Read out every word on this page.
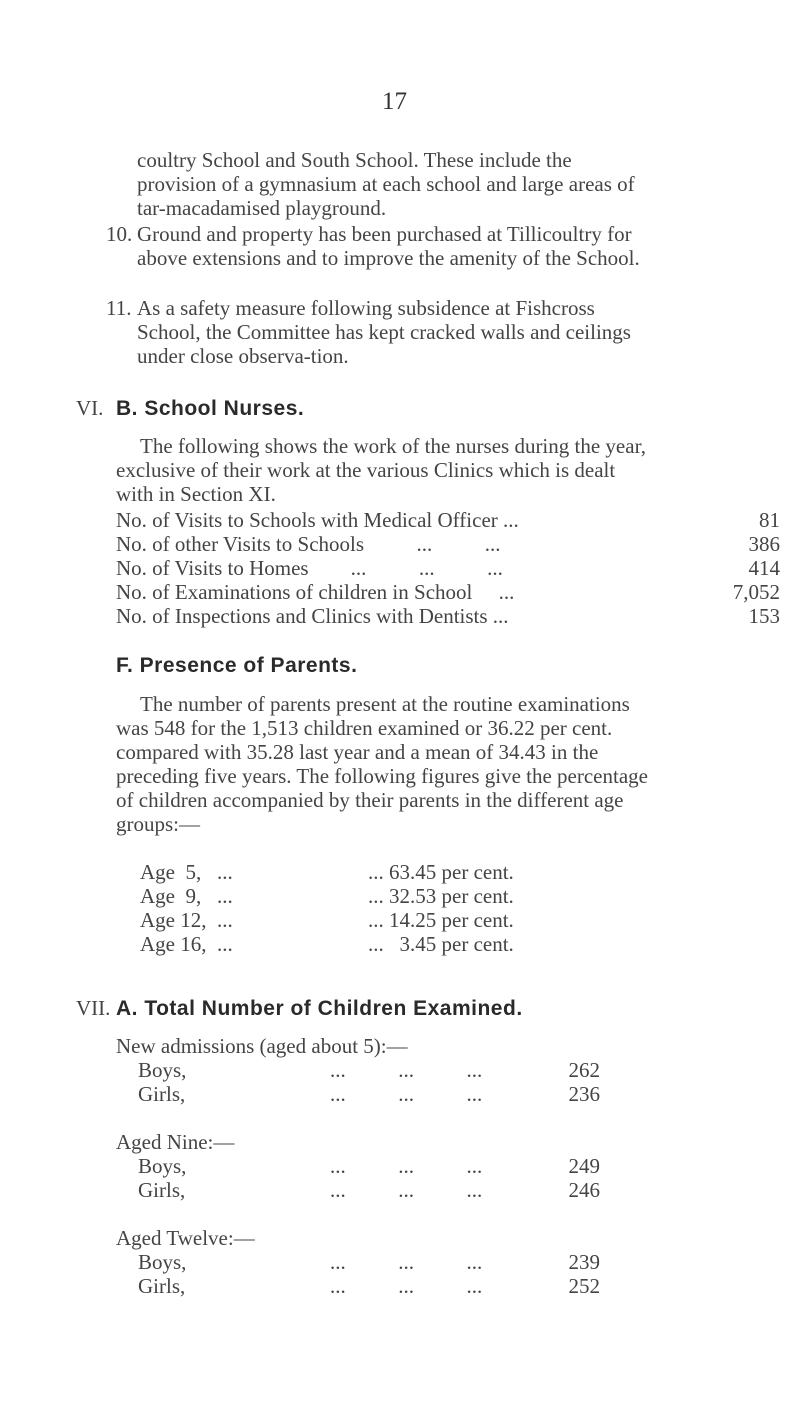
17

coultry School and South School. These include the provision of a gymnasium at each school and large areas of tar-macadamised playground.

10. Ground and property has been purchased at Tillicoultry for above extensions and to improve the amenity of the School.

11. As a safety measure following subsidence at Fishcross School, the Committee has kept cracked walls and ceilings under close observa-tion.

VI. B. School Nurses.

The following shows the work of the nurses during the year, exclusive of their work at the various Clinics which is dealt with in Section XI.

No. of Visits to Schools with Medical Officer ...	81
No. of other Visits to Schools          ...          ...	386
No. of Visits to Homes        ...          ...          ...	414
No. of Examinations of children in School     ...	7,052
No. of Inspections and Clinics with Dentists ...	153
F. Presence of Parents.

The number of parents present at the routine examinations was 548 for the 1,513 children examined or 36.22 per cent. compared with 35.28 last year and a mean of 34.43 in the preceding five years. The following figures give the percentage of children accompanied by their parents in the different age groups:—

Age  5,   ...	... 63.45 per cent.
Age  9,   ...	... 32.53 per cent.
Age 12,  ...	... 14.25 per cent.
Age 16,  ...	...   3.45 per cent.
VII. A. Total Number of Children Examined.
New admissions (aged about 5):—
Boys,	...          ...          ...	262
Girls,	...          ...          ...	236
Aged Nine:—
Boys,	...          ...          ...	249
Girls,	...          ...          ...	246
Aged Twelve:—
Boys,	...          ...          ...	239
Girls,	...          ...          ...	252
